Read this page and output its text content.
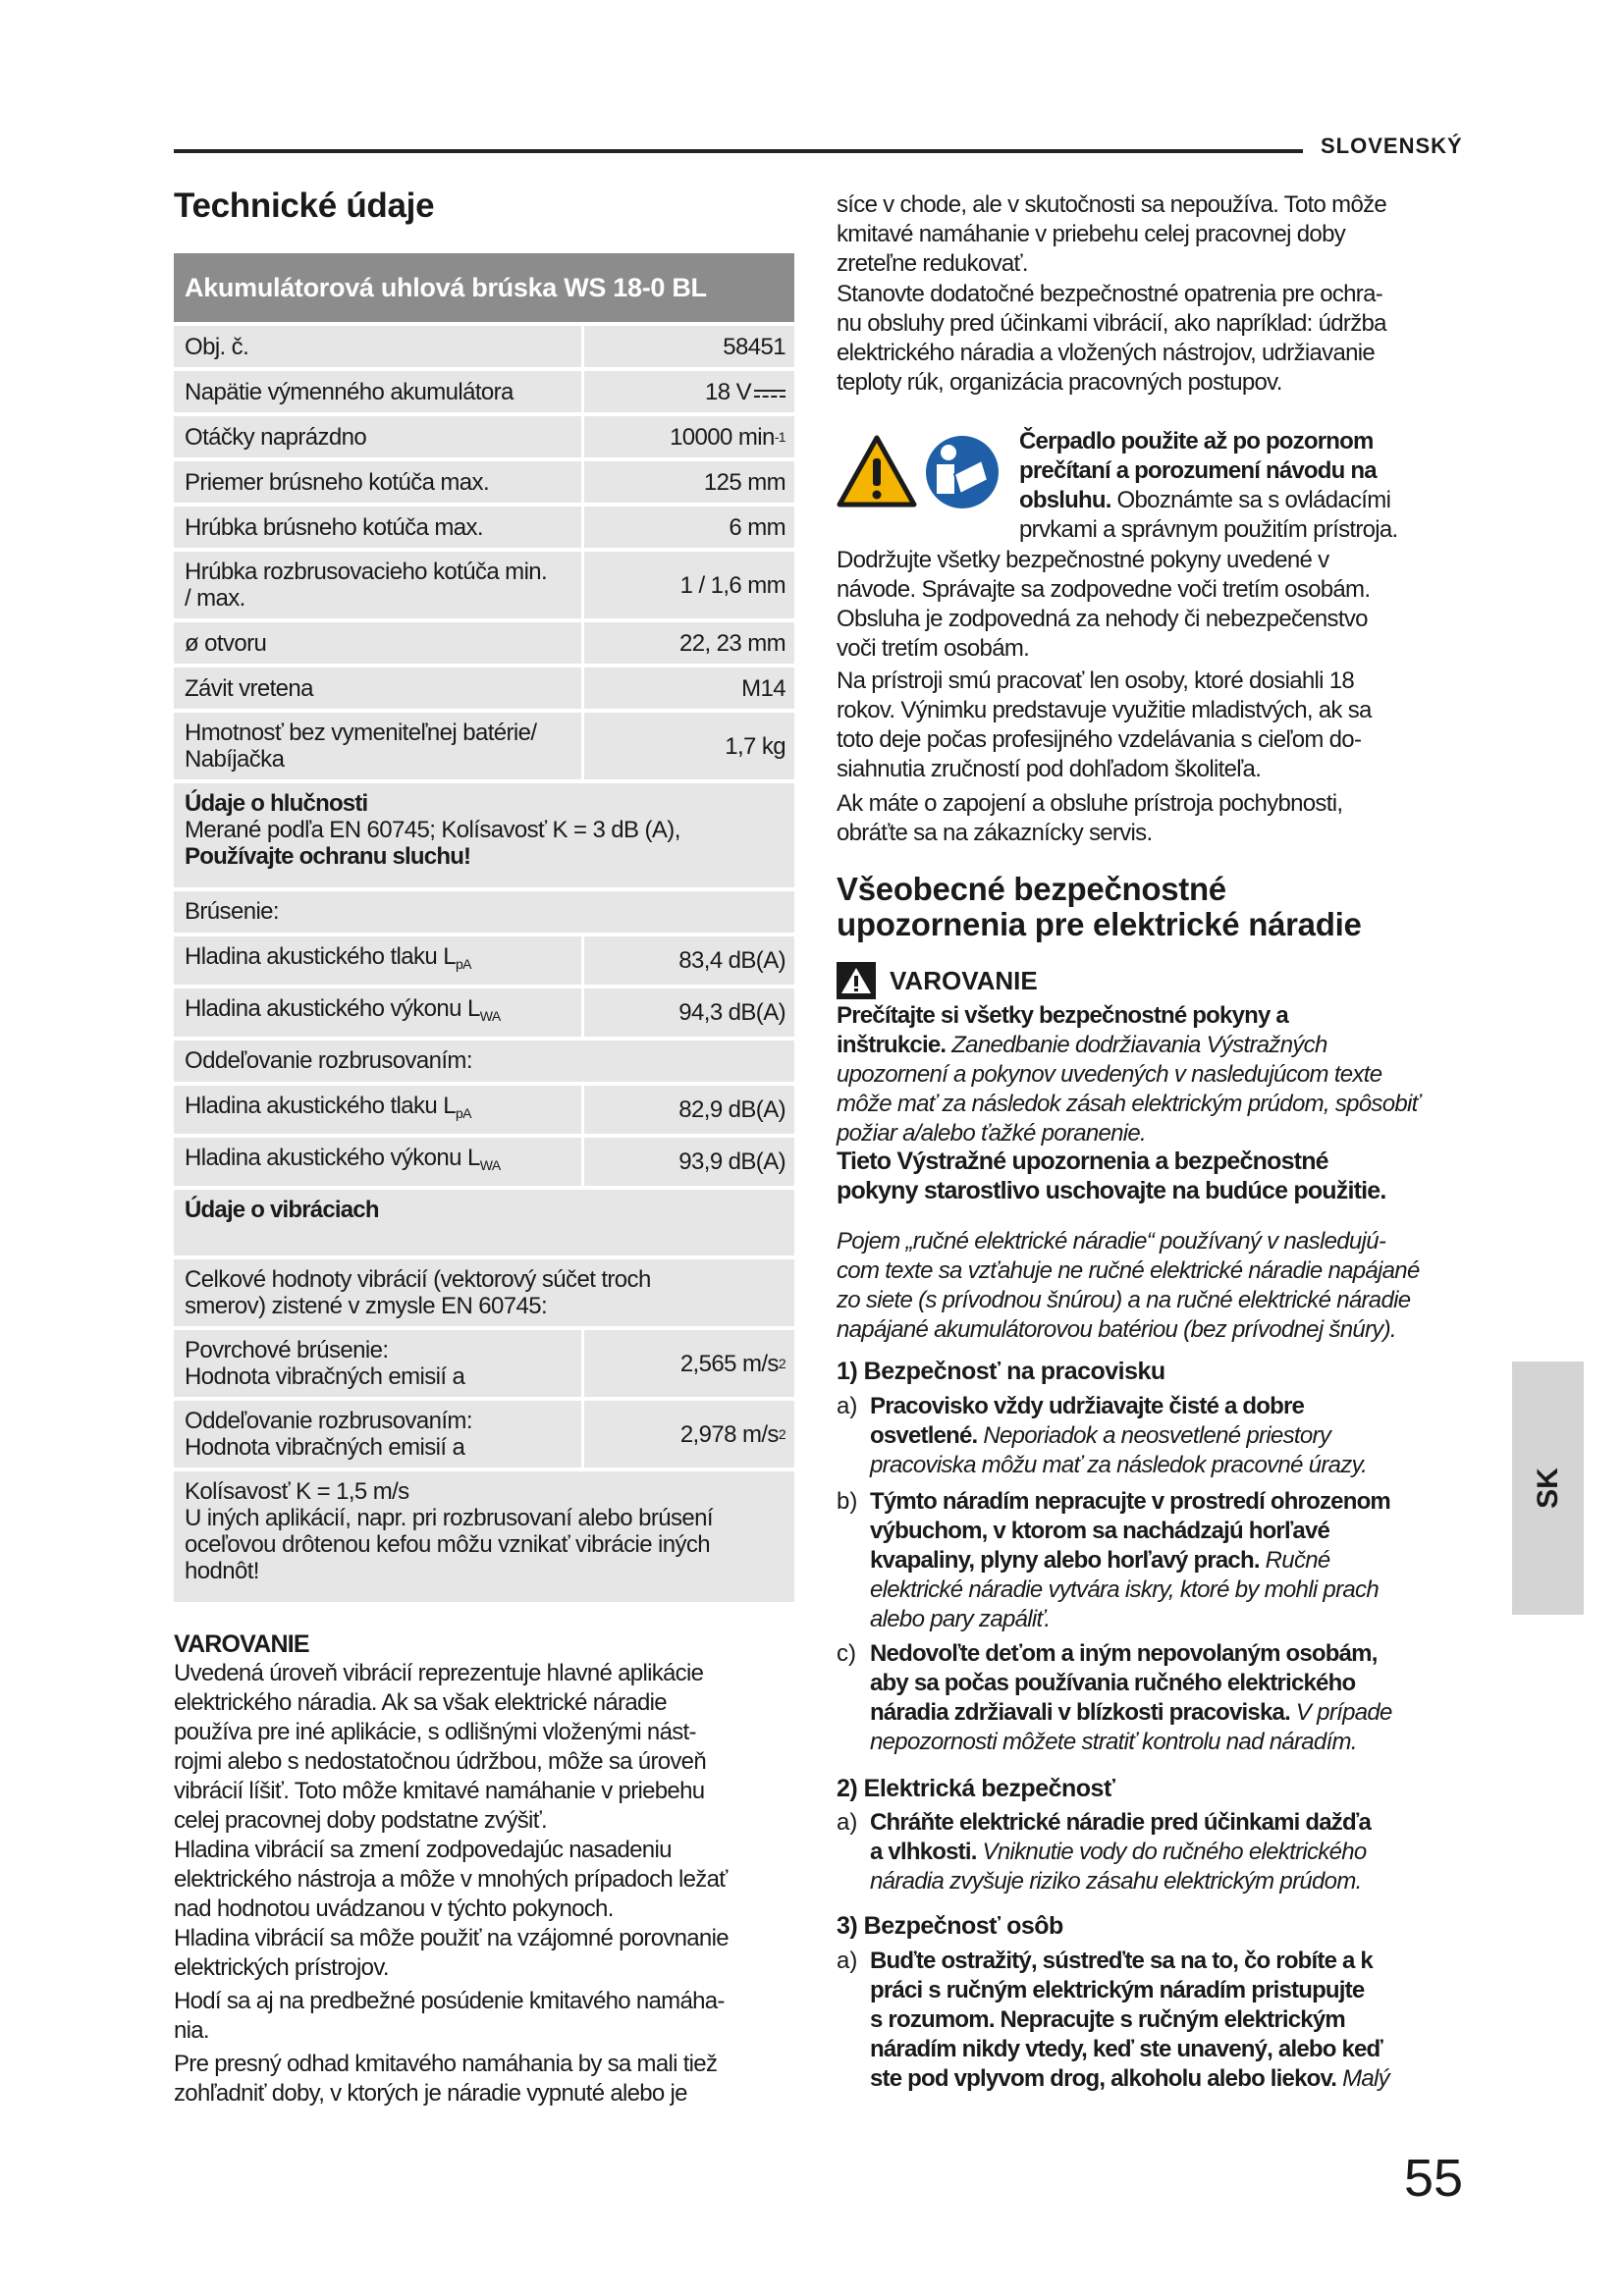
SLOVENSKÝ
Technické údaje
Akumulátorová uhlová brúska WS 18-0 BL
Obj. č.	58451
Napätie výmenného akumulátora	18 V
Otáčky naprázdno	10000 min -1
Priemer brúsneho kotúča max.	125 mm
Hrúbka brúsneho kotúča max.	6 mm
Hrúbka rozbrusovacieho kotúča min.
/ max.	1 / 1,6 mm
ø otvoru	22, 23 mm
Závit vretena	M14
Hmotnosť bez vymeniteľnej batérie/
Nabíjačka	1,7 kg
Údaje o hlučnosti
Merané podľa EN 60745; Kolísavosť K = 3 dB (A),
Používajte ochranu sluchu!
Brúsenie:
Hladina akustického tlaku $L_{pA}$	83,4 dB(A)
Hladina akustického výkonu $L_{WA}$	94,3 dB(A)
Oddeľovanie rozbrusovaním:
Hladina akustického tlaku $L_{pA}$	82,9 dB(A)
Hladina akustického výkonu $L_{WA}$	93,9 dB(A)
Údaje o vibráciach
Celkové hodnoty vibrácií (vektorový súčet troch
smerov) zistené v zmysle EN 60745:
Povrchové brúsenie:
Hodnota vibračných emisií a	2,565 m/s 2
Oddeľovanie rozbrusovaním:
Hodnota vibračných emisií a	2,978 m/s 2
Kolísavosť K = 1,5 m/s
U iných aplikácií, napr. pri rozbrusovaní alebo brúsení
oceľovou drôtenou kefou môžu vznikať vibrácie iných
hodnôt!
VAROVANIE
Uvedená úroveň vibrácií reprezentuje hlavné aplikácie
elektrického náradia. Ak sa však elektrické náradie
používa pre iné aplikácie, s odlišnými vloženými nást-
rojmi alebo s nedostatočnou údržbou, môže sa úroveň
vibrácií líšiť. Toto môže kmitavé namáhanie v priebehu
celej pracovnej doby podstatne zvýšiť.
Hladina vibrácií sa zmení zodpovedajúc nasadeniu
elektrického nástroja a môže v mnohých prípadoch ležať
nad hodnotou uvádzanou v týchto pokynoch.
Hladina vibrácií sa môže použiť na vzájomné porovnanie
elektrických prístrojov.
Hodí sa aj na predbežné posúdenie kmitavého namáha-
nia.
Pre presný odhad kmitavého namáhania by sa mali tiež
zohľadniť doby, v ktorých je náradie vypnuté alebo je
síce v chode, ale v skutočnosti sa nepoužíva. Toto môže
kmitavé namáhanie v priebehu celej pracovnej doby
zreteľne redukovať.
Stanovte dodatočné bezpečnostné opatrenia pre ochra-
nu obsluhy pred účinkami vibrácií, ako napríklad: údržba
elektrického náradia a vložených nástrojov, udržiavanie
teploty rúk, organizácia pracovných postupov.
Čerpadlo použite až po pozornom
prečítaní a porozumení návodu na
obsluhu. Oboznámte sa s ovládacími
prvkami a správnym použitím prístroja.
Dodržujte všetky bezpečnostné pokyny uvedené v
návode. Správajte sa zodpovedne voči tretím osobám.
Obsluha je zodpovedná za nehody či nebezpečenstvo
voči tretím osobám.
Na prístroji smú pracovať len osoby, ktoré dosiahli 18
rokov. Výnimku predstavuje využitie mladistvých, ak sa
toto deje počas profesijného vzdelávania s cieľom do-
siahnutia zručností pod dohľadom školiteľa.
Ak máte o zapojení a obsluhe prístroja pochybnosti,
obráťte sa na zákaznícky servis.
Všeobecné bezpečnostné
upozornenia pre elektrické náradie
VAROVANIE
Prečítajte si všetky bezpečnostné pokyny a
inštrukcie. Zanedbanie dodržiavania Výstražných
upozornení a pokynov uvedených v nasledujúcom texte
môže mať za následok zásah elektrickým prúdom, spôsobiť
požiar a/alebo ťažké poranenie.
Tieto Výstražné upozornenia a bezpečnostné
pokyny starostlivo uschovajte na budúce použitie.
Pojem „ručné elektrické náradie“ používaný v nasledujú-
com texte sa vzťahuje ne ručné elektrické náradie napájané
zo siete (s prívodnou šnúrou) a na ručné elektrické náradie
napájané akumulátorovou batériou (bez prívodnej šnúry).
1) Bezpečnosť na pracovisku
a) Pracovisko vždy udržiavajte čisté a dobre
osvetlené. Neporiadok a neosvetlené priestory
pracoviska môžu mať za následok pracovné úrazy.
b) Týmto náradím nepracujte v prostredí ohrozenom
výbuchom, v ktorom sa nachádzajú horľavé
kvapaliny, plyny alebo horľavý prach. Ručné
elektrické náradie vytvára iskry, ktoré by mohli prach
alebo pary zapáliť.
c) Nedovoľte deťom a iným nepovolaným osobám,
aby sa počas používania ručného elektrického
náradia zdržiavali v blízkosti pracoviska. V prípade
nepozornosti môžete stratiť kontrolu nad náradím.
2) Elektrická bezpečnosť
a) Chráňte elektrické náradie pred účinkami dažďa
a vlhkosti. Vniknutie vody do ručného elektrického
náradia zvyšuje riziko zásahu elektrickým prúdom.
3) Bezpečnosť osôb
a) Buďte ostražitý, sústreďte sa na to, čo robíte a k
práci s ručným elektrickým náradím pristupujte
s rozumom. Nepracujte s ručným elektrickým
náradím nikdy vtedy, keď ste unavený, alebo keď
ste pod vplyvom drog, alkoholu alebo liekov. Malý
SK
55
